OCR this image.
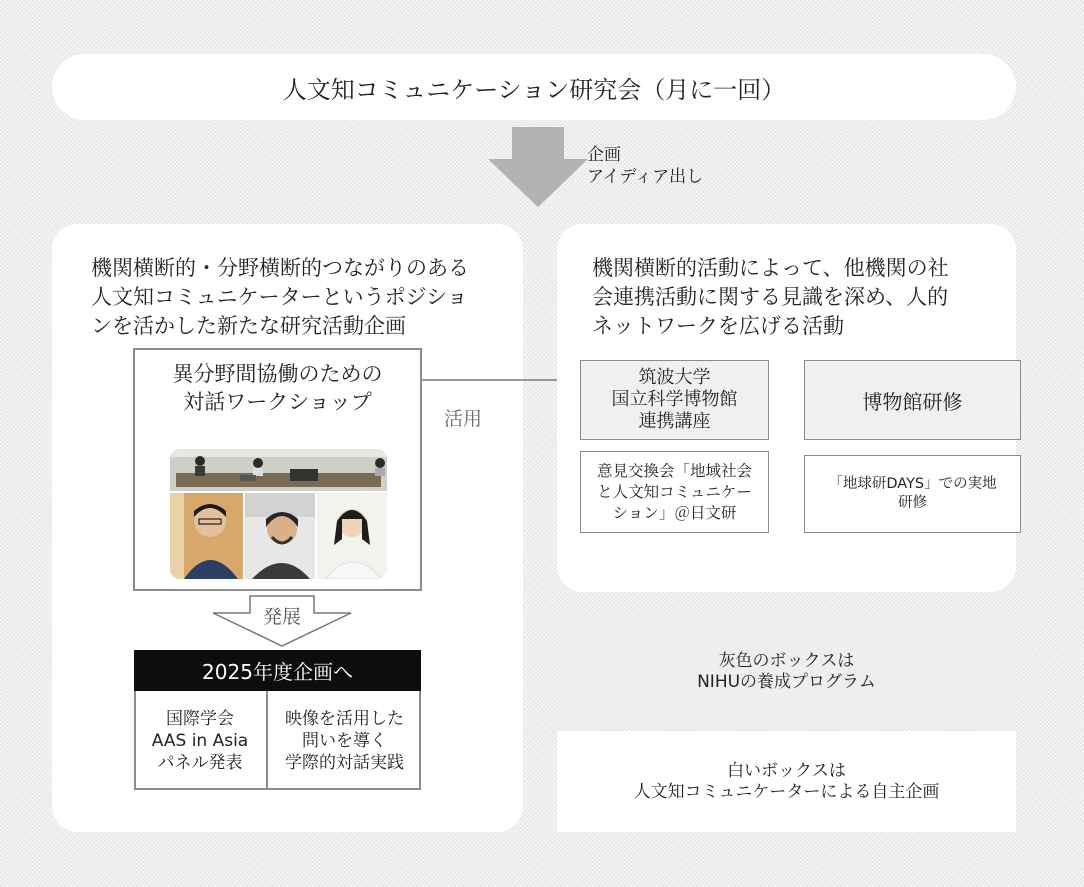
人文知コミュニケーション研究会（月に一回）
企画
アイディア出し
機関横断的・分野横断的つながりのある
人文知コミュニケーターというポジショ
ンを活かした新たな研究活動企画
異分野間協働のための
対話ワークショップ
発展
2025年度企画へ
国際学会
AAS in Asia
パネル発表
映像を活用した
問いを導く
学際的対話実践
活用
機関横断的活動によって、他機関の社
会連携活動に関する見識を深め、人的
ネットワークを広げる活動
筑波大学
国立科学博物館
連携講座
博物館研修
意見交換会「地域社会
と人文知コミュニケー
ション」＠日文研
「地球研DAYS」での実地
研修
灰色のボックスは
NIHUの養成プログラム
白いボックスは
人文知コミュニケーターによる自主企画
